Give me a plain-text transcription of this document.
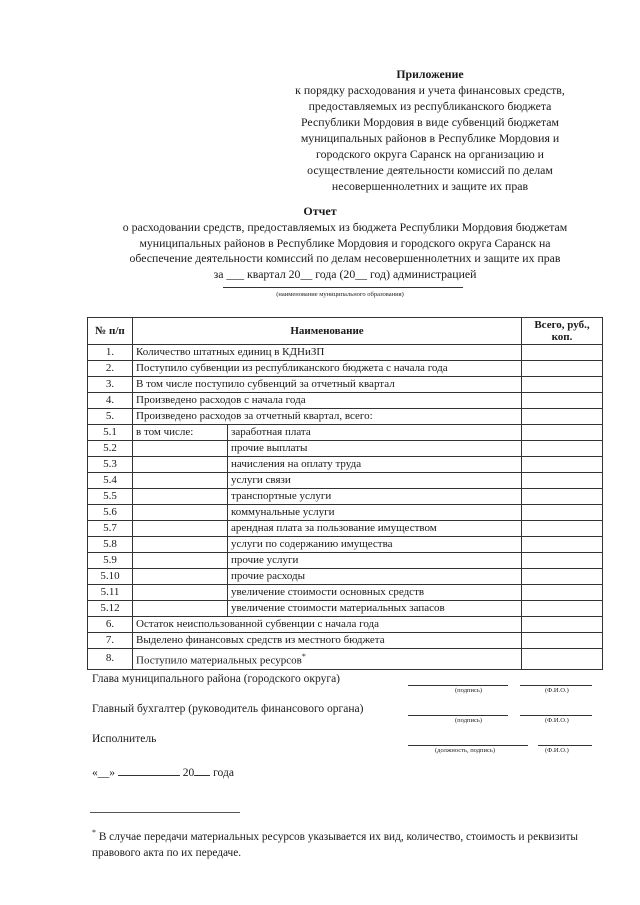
Приложение
к порядку расходования и учета финансовых средств,
предоставляемых из республиканского бюджета
Республики Мордовия в виде субвенций бюджетам
муниципальных районов в Республике Мордовия и
городского округа Саранск на организацию и
осуществление деятельности комиссий по делам
несовершеннолетних и защите их прав
Отчет
о расходовании средств, предоставляемых из бюджета Республики Мордовия бюджетам
муниципальных районов в Республике Мордовия и городского округа Саранск на
обеспечение деятельности комиссий по делам несовершеннолетних и защите их прав
за ___ квартал 20__ года (20__ год) администрацией
(наименование муниципального образования)
№ п/п	Наименование		Всего, руб., коп.
1.	Количество штатных единиц в КДНиЗП		
2.	Поступило субвенции из республиканского бюджета с начала года		
3.	В том числе поступило субвенций за отчетный квартал		
4.	Произведено расходов с начала года		
5.	Произведено расходов за отчетный квартал, всего:		
5.1	в том числе:	заработная плата	
5.2		прочие выплаты	
5.3		начисления на оплату труда	
5.4		услуги связи	
5.5		транспортные услуги	
5.6		коммунальные услуги	
5.7		арендная плата за пользование имуществом	
5.8		услуги по содержанию имущества	
5.9		прочие услуги	
5.10		прочие расходы	
5.11		увеличение стоимости основных средств	
5.12		увеличение стоимости материальных запасов	
6.	Остаток неиспользованной субвенции с начала года		
7.	Выделено финансовых средств из местного бюджета		
8.	Поступило материальных ресурсов*	
Глава муниципального района (городского округа)
(подпись)	(Ф.И.О.)
Главный бухгалтер (руководитель финансового органа)
(подпись)	(Ф.И.О.)
Исполнитель
(должность, подпись)	(Ф.И.О.)
«__»	20 года
* В случае передачи материальных ресурсов указывается их вид, количество, стоимость и реквизиты правового акта по их передаче.
